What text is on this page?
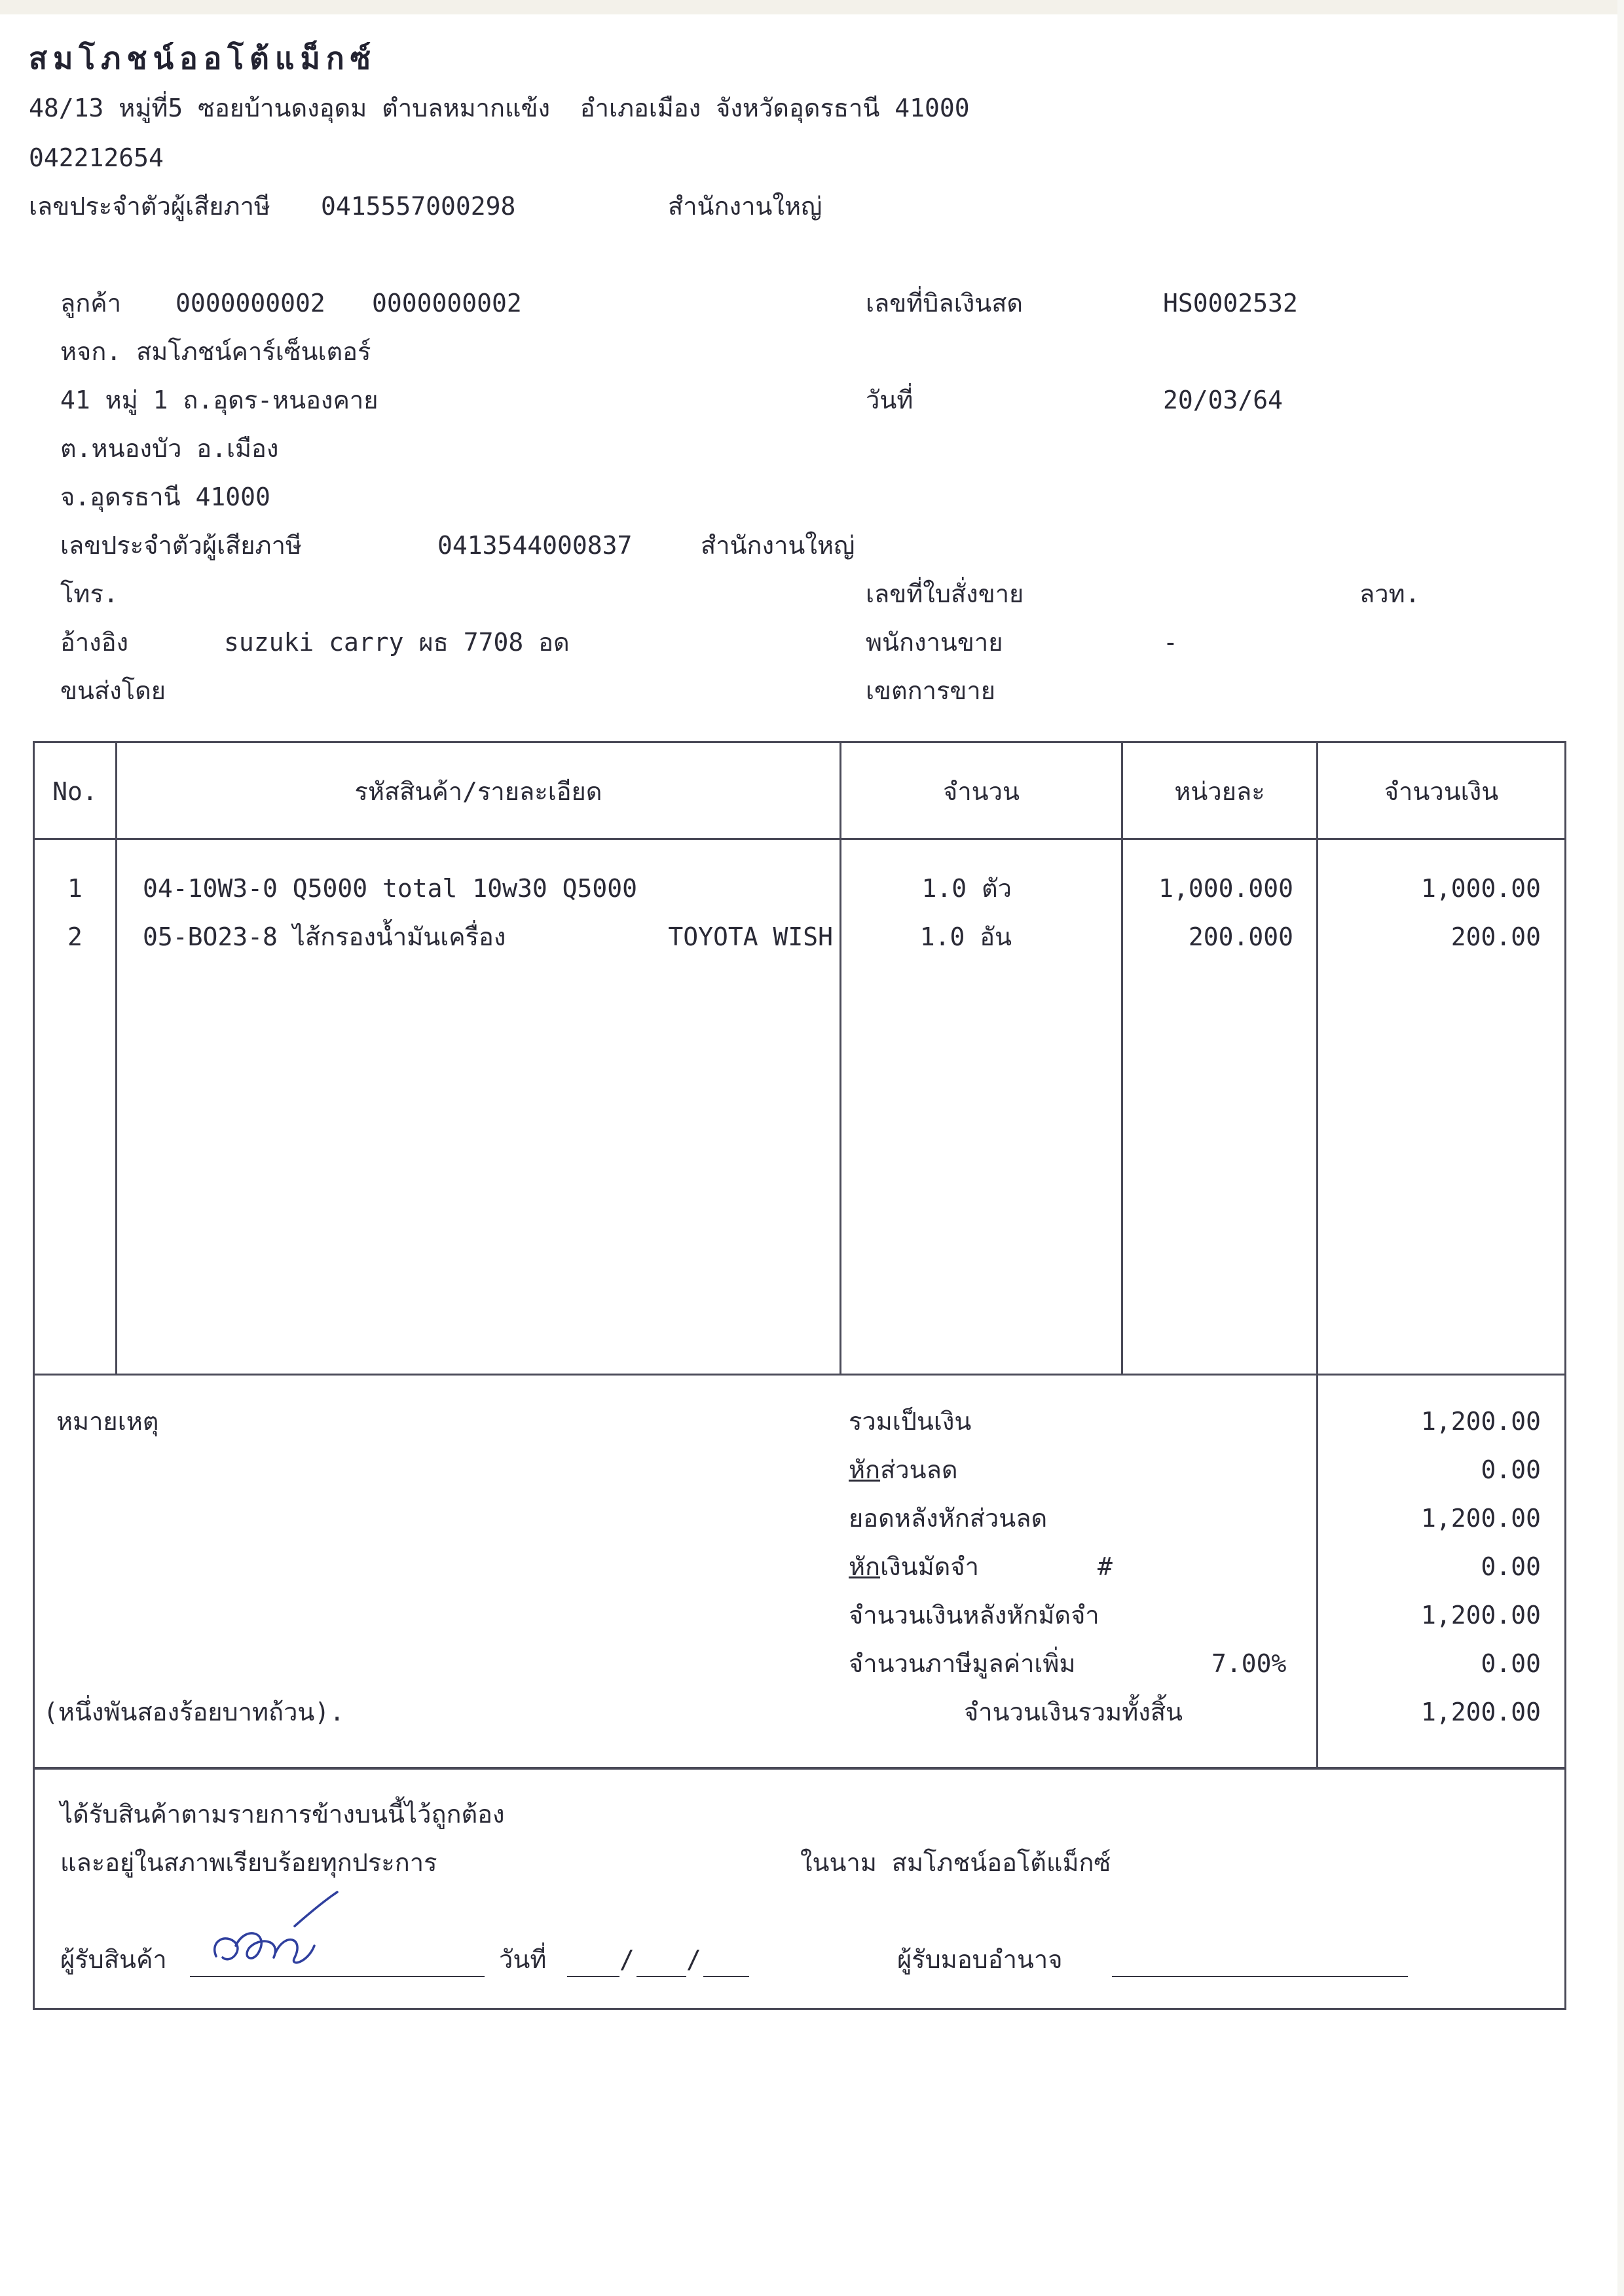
สมโภชน์ออโต้แม็กซ์
48/13 หมู่ที่5 ซอยบ้านดงอุดม ตำบลหมากแข้ง  อำเภอเมือง จังหวัดอุดรธานี 41000
042212654
เลขประจำตัวผู้เสียภาษี 0415557000298	สำนักงานใหญ่
ลูกค้า 0000000002 0000000002
หจก. สมโภชน์คาร์เซ็นเตอร์
41 หมู่ 1 ถ.อุดร-หนองคาย
ต.หนองบัว อ.เมือง
จ.อุดรธานี 41000
เลขประจำตัวผู้เสียภาษี	0413544000837	สำนักงานใหญ่
โทร.
อ้างอิง	suzuki carry ผธ 7708 อด
ขนส่งโดย
เลขที่บิลเงินสด	HS0002532
วันที่	20/03/64
เลขที่ใบสั่งขาย	ลวท.
พนักงานขาย	-
เขตการขาย
No.	รหัสสินค้า/รายละเอียด	จำนวน	หน่วยละ	จำนวนเงิน
1	04-10W3-0 Q5000 total 10w30 Q5000	1.0 ตัว	1,000.000	1,000.00
2	05-BO23-8 ไส้กรองน้ำมันเครื่อง	TOYOTA WISH	1.0 อัน	200.000	200.00
หมายเหตุ	รวมเป็นเงิน	1,200.00
หักส่วนลด	0.00
ยอดหลังหักส่วนลด	1,200.00
หักเงินมัดจำ	#	0.00
จำนวนเงินหลังหักมัดจำ	1,200.00
จำนวนภาษีมูลค่าเพิ่ม	7.00%	0.00
(หนึ่งพันสองร้อยบาทถ้วน).	จำนวนเงินรวมทั้งสิ้น	1,200.00
ได้รับสินค้าตามรายการข้างบนนี้ไว้ถูกต้อง
และอยู่ในสภาพเรียบร้อยทุกประการ	ในนาม สมโภชน์ออโต้แม็กซ์
ผู้รับสินค้า	วันที่	/ /	ผู้รับมอบอำนาจ
